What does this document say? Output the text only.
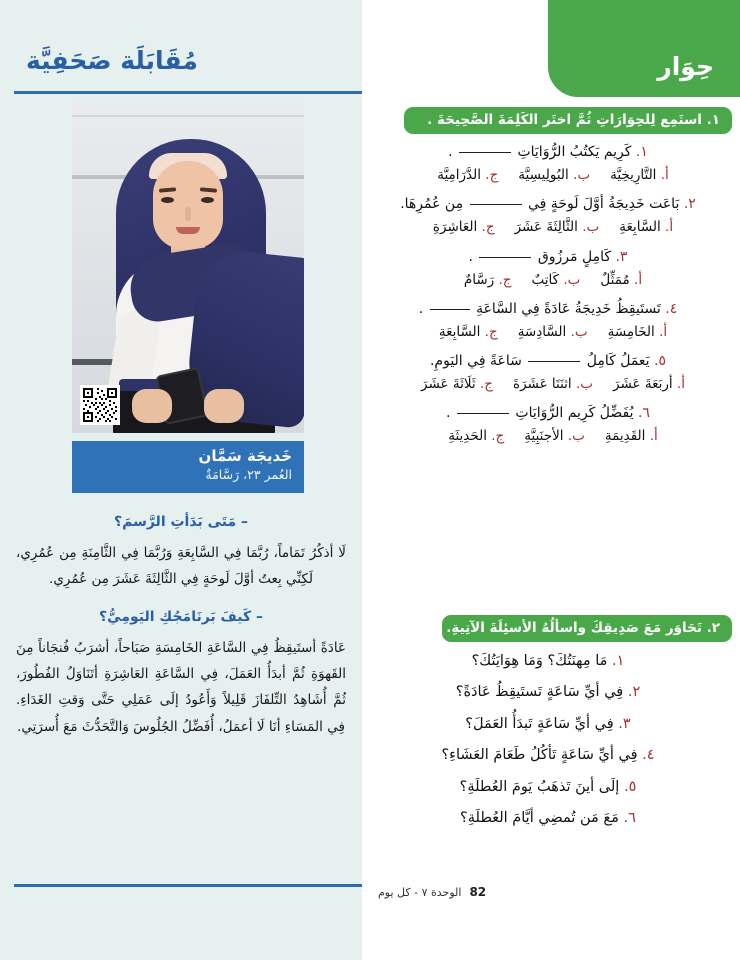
مُقَابَلَة صَحَفِيَّة
خَديجَة سَمَّان
العُمر ٢٣، رَسَّامَةٌ

– مَتَى بَدَأتِ الرَّسمَ؟

لَا أذكُرُ تَمَاماً، رُبَّمَا فِي السَّابِعَةِ وَرُبَّمَا فِي الثَّامِنَةِ مِن عُمُرِي، لَكِنِّي بِعتُ أوَّلَ لَوحَةٍ فِي الثَّالِثَةَ عَشَرَ مِن عُمُرِي.

– كَيفَ بَرنَامَجُكِ اليَومِيُّ؟

عَادَةً أستَيقِظُ فِي السَّاعَةِ الخَامِسَةِ صَبَاحاً، أشرَبُ فُنجَاناً مِنَ القَهوَةِ ثُمَّ أبدَأُ العَمَلَ، فِي السَّاعَةِ العَاشِرَةِ أتَنَاوَلُ الفُطُورَ، ثُمَّ أُشَاهِدُ التِّلفَازَ قَلِيلاً وَأَعُودُ إلَى عَمَلِي حَتَّى وَقتِ الغَدَاءِ. فِي المَسَاءِ أنَا لَا أعمَلُ، أُفَضِّلُ الجُلُوسَ وَالتَّحَدُّثَ مَعَ أُسرَتِي.

حِوَار
١. استَمِع لِلحِوَارَاتِ ثُمَّ اختَر الكَلِمَةَ الصَّحِيحَةَ .
١. كَرِيم يَكتُبُ الرُّوَايَاتِ  .
أ. التَّارِيخِيَّة
ب. البُولِيسِيَّة
ج. الدَّرَامِيَّة
٢. بَاعَت خَدِيجَةُ أوَّلَ لَوحَةٍ فِي  مِن عُمُرِهَا.
أ. السَّابِعَةِ
ب. الثَّالِثَةَ عَشَرَ
ج. العَاشِرَةِ
٣. كَامِلٍ مَرزُوق  .
أ. مُمَثِّلٌ
ب. كَاتِبٌ
ج. رَسَّامٌ
٤. تَستَيقِظُ خَدِيجَةُ عَادَةً فِي السَّاعَةِ  .
أ. الخَامِسَةِ
ب. السَّادِسَةِ
ج. السَّابِعَةِ
٥. يَعمَلُ كَامِلُ  سَاعَةً فِي اليَومِ.
أ. أربَعَةَ عَشَرَ
ب. اثنَتَا عَشَرَةَ
ج. ثَلَاثَةَ عَشَرَ
٦. يُفَضِّلُ كَرِيم الرُّوَايَاتِ  .
أ. القَدِيمَةِ
ب. الأجنَبِيَّةِ
ج. الحَدِيثَةِ
٢. تَحَاوَر مَعَ صَدِيقِكَ واسألُهُ الأسئِلَةَ الآتِيةِ.
١. مَا مِهنَتُكَ؟ وَمَا هِوَايَتُكَ؟
٢. فِي أيِّ سَاعَةٍ تَستَيقِظُ عَادَةً؟
٣. فِي أيِّ سَاعَةٍ تَبدَأُ العَمَلَ؟
٤. فِي أيِّ سَاعَةٍ تَأكُلُ طَعَامَ العَشَاءِ؟
٥. إلَى أينَ تَذهَبُ يَومَ العُطلَةِ؟
٦. مَعَ مَن تُمضِي أيَّامَ العُطلَةِ؟
82
الوحدة ٧ - كل يوم
